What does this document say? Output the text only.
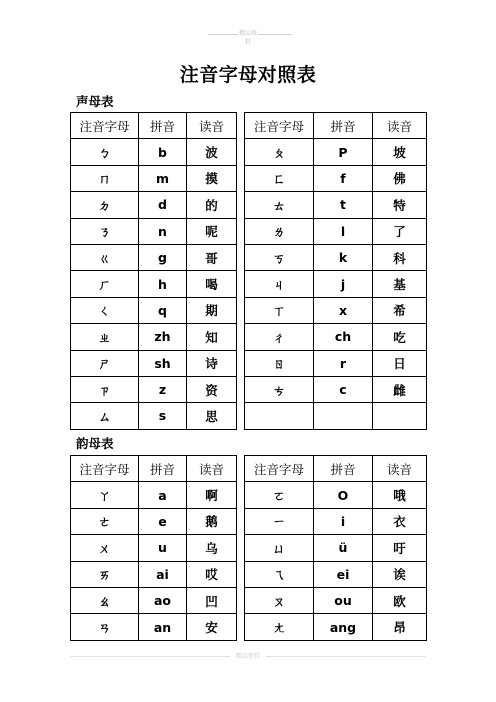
精品资料
注音字母对照表
声母表
注音字母	拼音	读音		注音字母	拼音	读音
ㄅ	b	波		ㄆ	P	坡
ㄇ	m	摸		ㄈ	f	佛
ㄉ	d	的		ㄊ	t	特
ㄋ	n	呢		ㄌ	l	了
ㄍ	g	哥		ㄎ	k	科
ㄏ	h	喝		ㄐ	j	基
ㄑ	q	期		ㄒ	x	希
ㄓ	zh	知		ㄔ	ch	吃
ㄕ	sh	诗		ㄖ	r	日
ㄗ	z	资		ㄘ	c	雌
ㄙ	s	思				
韵母表
注音字母	拼音	读音		注音字母	拼音	读音
ㄚ	a	啊		ㄛ	O	哦
ㄜ	e	鹅		ㄧ	i	衣
ㄨ	u	乌		ㄩ	ü	吁
ㄞ	ai	哎		ㄟ	ei	诶
ㄠ	ao	凹		ㄡ	ou	欧
ㄢ	an	安		ㄤ	ang	昂
精品资料
